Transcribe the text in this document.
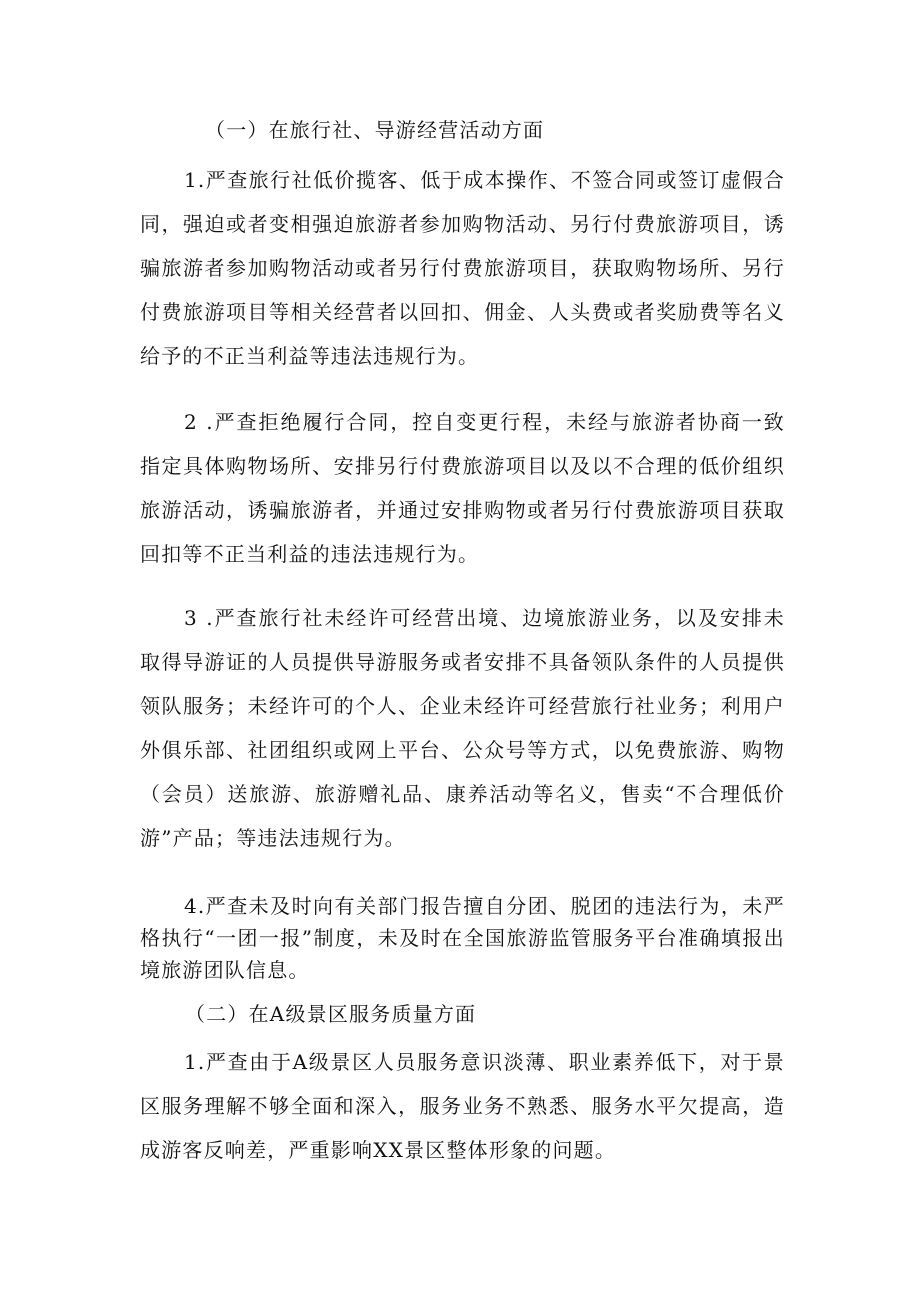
（一）在旅行社、导游经营活动方面

1.严查旅行社低价揽客、低于成本操作、不签合同或签订虚假合同，强迫或者变相强迫旅游者参加购物活动、另行付费旅游项目，诱骗旅游者参加购物活动或者另行付费旅游项目，获取购物场所、另行付费旅游项目等相关经营者以回扣、佣金、人头费或者奖励费等名义给予的不正当利益等违法违规行为。

2 .严查拒绝履行合同，控自变更行程，未经与旅游者协商一致指定具体购物场所、安排另行付费旅游项目以及以不合理的低价组织旅游活动，诱骗旅游者，并通过安排购物或者另行付费旅游项目获取回扣等不正当利益的违法违规行为。

3 .严查旅行社未经许可经营出境、边境旅游业务，以及安排未取得导游证的人员提供导游服务或者安排不具备领队条件的人员提供领队服务；未经许可的个人、企业未经许可经营旅行社业务；利用户外俱乐部、社团组织或网上平台、公众号等方式，以免费旅游、购物（会员）送旅游、旅游赠礼品、康养活动等名义，售卖“不合理低价游”产品；等违法违规行为。

4.严查未及时向有关部门报告擅自分团、脱团的违法行为，未严格执行“一团一报”制度，未及时在全国旅游监管服务平台准确填报出境旅游团队信息。

（二）在A级景区服务质量方面

1.严查由于A级景区人员服务意识淡薄、职业素养低下，对于景区服务理解不够全面和深入，服务业务不熟悉、服务水平欠提高，造成游客反响差，严重影响XX景区整体形象的问题。
